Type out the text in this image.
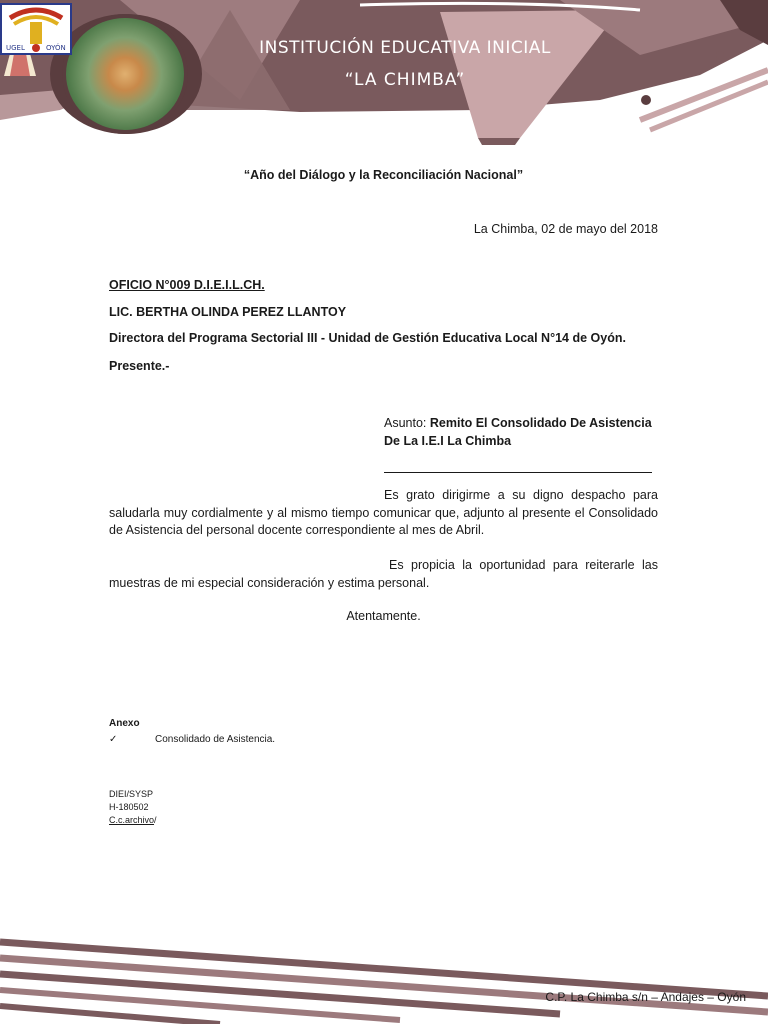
INSTITUCIÓN EDUCATIVA INICIAL
“LA CHIMBA”
UGEL	OYÓN
“Año del Diálogo y la Reconciliación Nacional”
La Chimba, 02 de mayo del 2018
OFICIO N°009 D.I.E.I.L.CH.
LIC. BERTHA OLINDA PEREZ LLANTOY
Directora del Programa Sectorial III - Unidad de Gestión Educativa Local N°14 de Oyón.
Presente.-
Asunto: Remito El Consolidado De Asistencia De La I.E.I La Chimba
Es grato dirigirme a su digno despacho para saludarla muy cordialmente y al mismo tiempo comunicar que, adjunto al presente el Consolidado de Asistencia del personal docente correspondiente al mes de Abril.
Es propicia la oportunidad para reiterarle las muestras de mi especial consideración y estima personal.
Atentamente.
Anexo
✓	Consolidado de Asistencia.
DIEI/SYSP
H-180502
C.c.archivo/
C.P. La Chimba s/n – Andajes – Oyón
